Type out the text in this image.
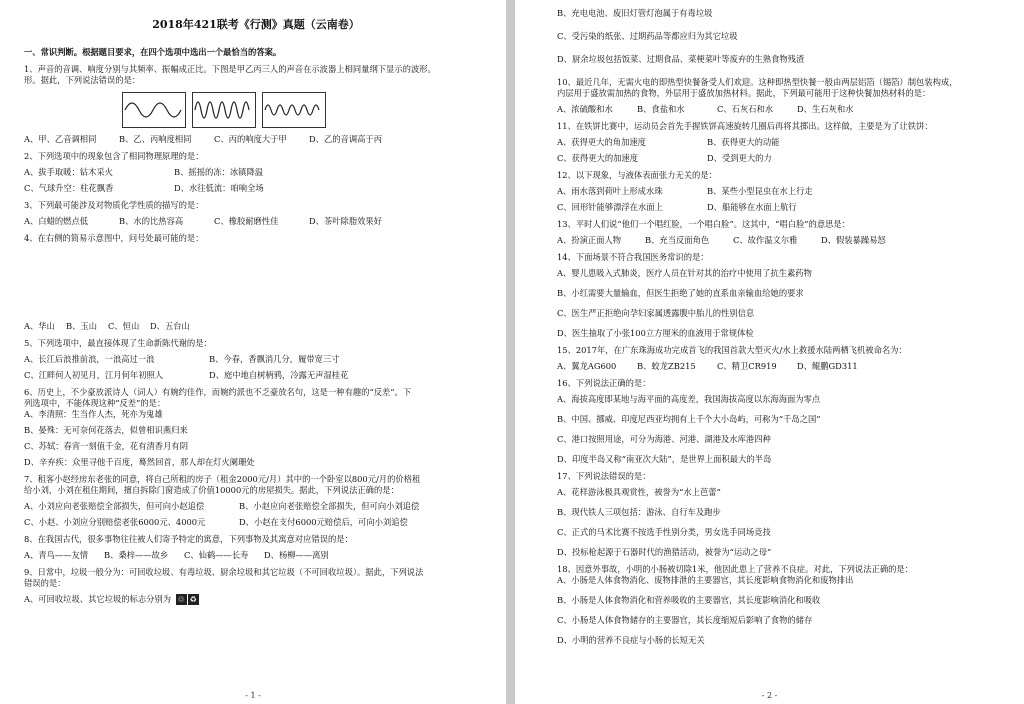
2018年421联考《行测》真题（云南卷）
一、常识判断。根据题目要求，在四个选项中选出一个最恰当的答案。
1、声音的音调、响度分别与其频率、振幅成正比。下图是甲乙丙三人的声音在示波器上相同量纲下显示的波形。
形。据此，下列说法错误的是：
A、甲、乙音调相同	B、乙、丙响度相同	C、丙的响度大于甲	D、乙的音调高于丙
2、下列选项中的现象包含了相同物理原理的是：
A、拔手取暖：钻木采火	B、摇摇的冻：冰镇降温
C、气球升空：柱花飘香	D、水往低流：咱响全场
3、下列最可能涉及对物质化学性质的描写的是：
A、白蜡的燃点低	B、水的比热容高	C、橡胶耐磨性佳	D、茶叶除脂效果好
4、在右侧的简易示意图中，问号处最可能的是：
A、华山	B、玉山	C、恒山	D、五台山
5、下列选项中，最直接体现了生命新陈代谢的是：
A、长江后浪推前浪，一浪高过一浪	B、今春，香飘消几分，履带宽三寸
C、江畔何人初见月，江月何年初照人	D、庭中地自树柄鸦，冷露无声湿桂花
6、历史上，不少豪放派诗人（词人）有婉约佳作，而婉约派也不乏豪放名句，这是一种有趣的“反差”。下
列选项中，不能体现这种“反差”的是：
A、李清照：生当作人杰，死亦为鬼雄
B、晏殊：无可奈何花落去，似曾相识燕归来
C、苏轼：春宵一刻值千金，花有清香月有阴
D、辛弃疾：众里寻他千百度，蓦然回首，那人却在灯火阑珊处
7、租客小赵经房东老张的同意，将自己所租的房子（租金2000元/月）其中的一个卧室以800元/月的价格租
给小刘，小刘在租住期间，擅自拆除门窗造成了价值10000元的房屋损失。据此，下列说法正确的是：
A、小刘应向老张赔偿全部损失，但可向小赵追偿	B、小赵应向老张赔偿全部损失，但可向小刘追偿
C、小赵、小刘应分别赔偿老张6000元、4000元	D、小赵在支付6000元赔偿后，可向小刘追偿
8、在我国古代，很多事物往往被人们寄予特定的寓意，下列事物及其寓意对应错误的是：
A、青鸟——友情	B、桑梓——故乡	C、仙鹤——长寿	D、杨柳——离别
9、日常中，垃圾一般分为：可回收垃圾、有毒垃圾、厨余垃圾和其它垃圾（不可回收垃圾）。据此，下列说法
错误的是：
A、可回收垃圾、其它垃圾的标志分别为 ♲ ♻
- 1 -
B、充电电池、废旧灯管灯泡属于有毒垃圾
C、受污染的纸张、过期药品等都应归为其它垃圾
D、厨余垃圾包括饭菜、过期食品、菜梗菜叶等废弃的生熟食物残渣
10、最近几年，无需火电的即热型快餐备受人们欢迎。这种即热型快餐一般由两层铝箔（锡箔）制包装构成，
内层用于盛放需加热的食物，外层用于盛放加热材料。据此，下列最可能用于这种快餐加热材料的是：
A、浓硫酸和水	B、食盐和水	C、石灰石和水	D、生石灰和水
11、在铁饼比赛中，运动员会首先手握铁饼高速旋转几圈后再将其掷出。这样做，主要是为了让铁饼：
A、获得更大的角加速度	B、获得更大的动能
C、获得更大的加速度	D、受到更大的力
12、以下现象，与液体表面张力无关的是：
A、雨水落到荷叶上形成水珠	B、某些小型昆虫在水上行走
C、回形针能够漂浮在水面上	D、船能够在水面上航行
13、平时人们说“他们一个唱红脸，一个唱白脸”。这其中，“唱白脸”的意思是：
A、扮演正面人物	B、充当反面角色	C、故作温文尔雅	D、假装暴躁易怒
14、下面场景不符合我国医务常识的是：
A、婴儿患吸入式肺炎，医疗人员在针对其的治疗中使用了抗生素药物
B、小红需要大量输血，但医生拒绝了她的直系血亲输血给她的要求
C、医生严正拒绝向孕妇家属透露腹中胎儿的性别信息
D、医生抽取了小张100立方厘米的血液用于常规体检
15、2017年，在广东珠海成功完成首飞的我国首款大型灭火/水上救援水陆两栖飞机被命名为：
A、翼龙AG600	B、蛟龙ZB215	C、精卫CR919	D、鲲鹏GD311
16、下列说法正确的是：
A、海拔高度即某地与海平面的高度差，我国海拔高度以东海海面为零点
B、中国、挪威、印度尼西亚均拥有上千个大小岛屿，可称为“千岛之国”
C、港口按照用途，可分为海港、河港、湖港及水库港四种
D、印度半岛又称“南亚次大陆”，是世界上面积最大的半岛
17、下列说法错误的是：
A、花样游泳极具观赏性，被誉为“水上芭蕾”
B、现代铁人三项包括：游泳、自行车及跑步
C、正式的马术比赛不按选手性别分类，男女选手同场竞技
D、投标枪起源于石器时代的渔猎活动，被誉为“运动之母”
18、因意外事故，小明的小肠被切除1米，他因此患上了营养不良症。对此，下列说法正确的是：
A、小肠是人体食物消化、废物排泄的主要器官，其长度影响食物消化和废物排出
B、小肠是人体食物消化和营养吸收的主要器官，其长度影响消化和吸收
C、小肠是人体食物储存的主要器官，其长度缩短后影响了食物的储存
D、小明的营养不良症与小肠的长短无关
- 2 -
